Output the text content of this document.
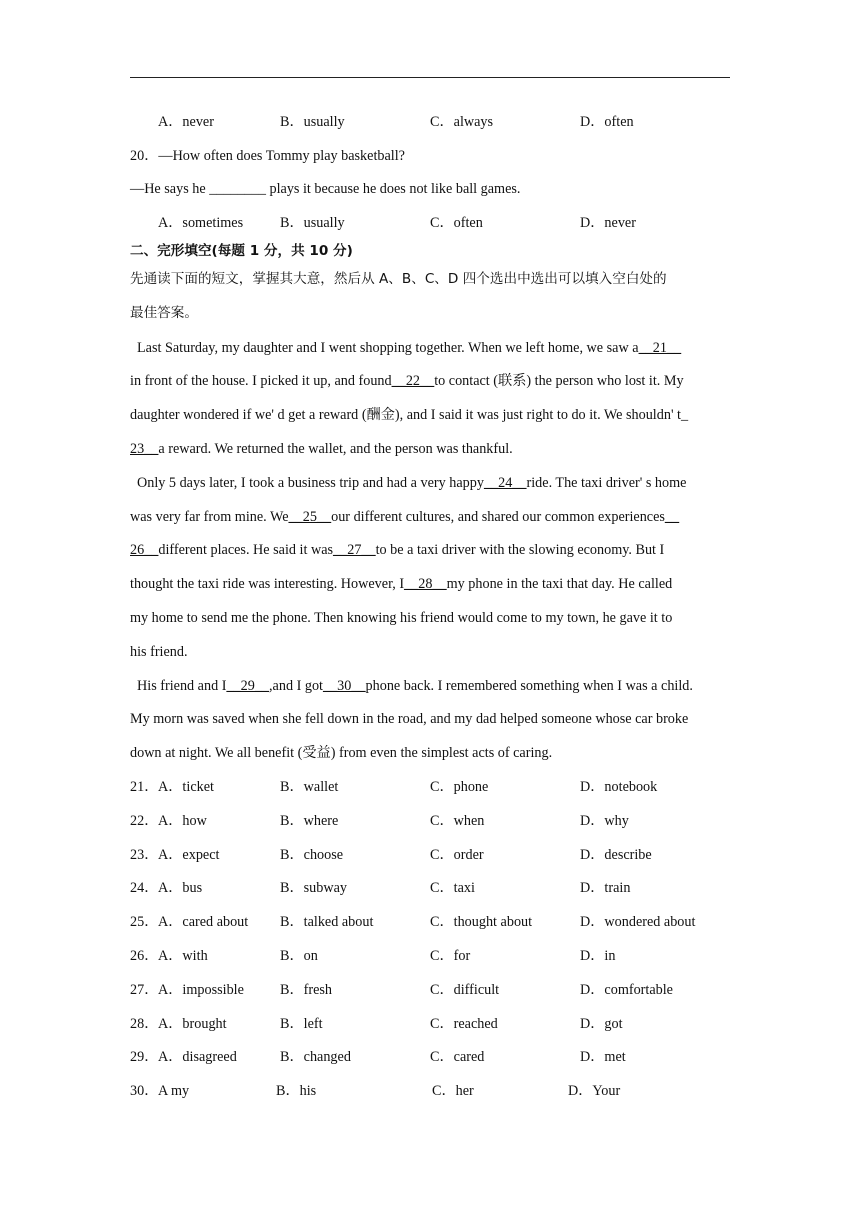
A．never	B．usually	C．always	D．often
20．—How often does Tommy play basketball?
—He says he ________ plays it because he does not like ball games.
A．sometimes	B．usually	C．often	D．never
二、完形填空(每题 1 分，共 10 分)
先通读下面的短文，掌握其大意，然后从 A、B、C、D 四个选出中选出可以填入空白处的
最佳答案。
Last Saturday, my daughter and I went shopping together. When we left home, we saw a__21__
in front of the house. I picked it up, and found__22__to contact (联系) the person who lost it. My
daughter wondered if we' d get a reward (酬金), and I said it was just right to do it. We shouldn' t_
23__a reward. We returned the wallet, and the person was thankful.
Only 5 days later, I took a business trip and had a very happy__24__ride. The taxi driver' s home
was very far from mine. We__25__our different cultures, and shared our common experiences__
26__different places. He said it was__27__to be a taxi driver with the slowing economy. But I
thought the taxi ride was interesting. However, I__28__my phone in the taxi that day. He called
my home to send me the phone. Then knowing his friend would come to my town, he gave it to
his friend.
His friend and I__29__,and I got__30__phone back. I remembered something when I was a child.
My morn was saved when she fell down in the road, and my dad helped someone whose car broke
down at night. We all benefit (受益) from even the simplest acts of caring.
21． A．ticket	B．wallet	C．phone	D．notebook
22． A．how	B．where	C．when	D．why
23． A．expect	B．choose	C．order	D．describe
24． A．bus	B．subway	C．taxi	D．train
25． A．cared about B．talked about	C．thought about	D．wondered about
26． A．with	B．on	C．for	D．in
27． A．impossible	B．fresh	C．difficult	D．comfortable
28． A．brought	B．left	C．reached	D．got
29． A．disagreed	B．changed	C．cared	D．met
30． A my	B．his	C．her	D．Your
